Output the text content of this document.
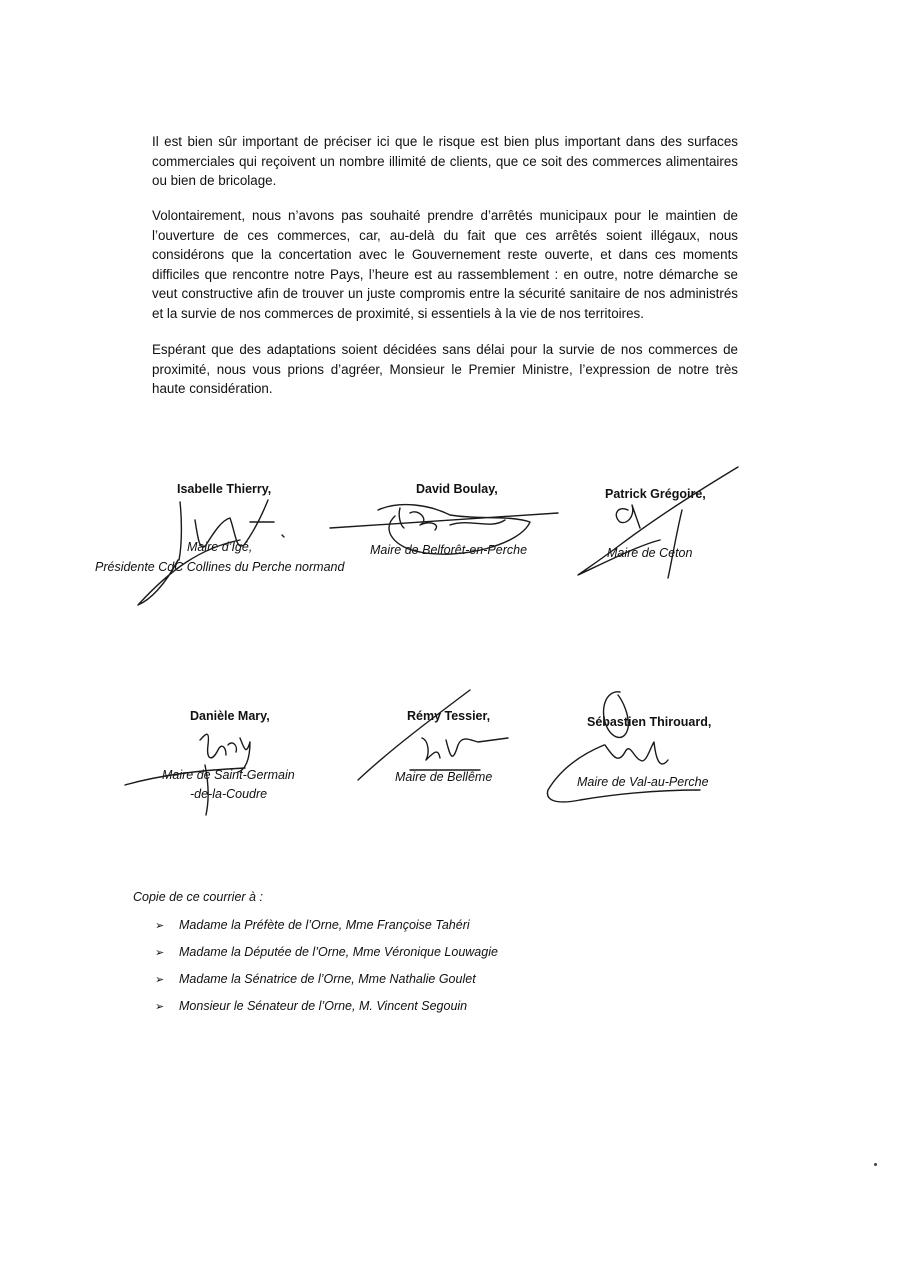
Il est bien sûr important de préciser ici que le risque est bien plus important dans des surfaces commerciales qui reçoivent un nombre illimité de clients, que ce soit des commerces alimentaires ou bien de bricolage.

Volontairement, nous n’avons pas souhaité prendre d’arrêtés municipaux pour le maintien de l’ouverture de ces commerces, car, au-delà du fait que ces arrêtés soient illégaux, nous considérons que la concertation avec le Gouvernement reste ouverte, et dans ces moments difficiles que rencontre notre Pays, l’heure est au rassemblement : en outre, notre démarche se veut constructive afin de trouver un juste compromis entre la sécurité sanitaire de nos administrés et la survie de nos commerces de proximité, si essentiels à la vie de nos territoires.

Espérant que des adaptations soient décidées sans délai pour la survie de nos commerces de proximité, nous vous prions d’agréer, Monsieur le Premier Ministre, l’expression de notre très haute considération.

Isabelle Thierry,
Maire d’Igé,
Présidente CdC Collines du Perche normand
David Boulay,
Maire de Belforêt-en-Perche
Patrick Grégoire,
Maire de Ceton
Danièle Mary,
Maire de Saint-Germain
-de-la-Coudre
Rémy Tessier,
Maire de Bellême
Sébastien Thirouard,
Maire de Val-au-Perche
Copie de ce courrier à :
➢	Madame la Préfète de l’Orne, Mme Françoise Tahéri
➢	Madame la Députée de l’Orne, Mme Véronique Louwagie
➢	Madame la Sénatrice de l’Orne, Mme Nathalie Goulet
➢	Monsieur le Sénateur de l’Orne, M. Vincent Segouin
